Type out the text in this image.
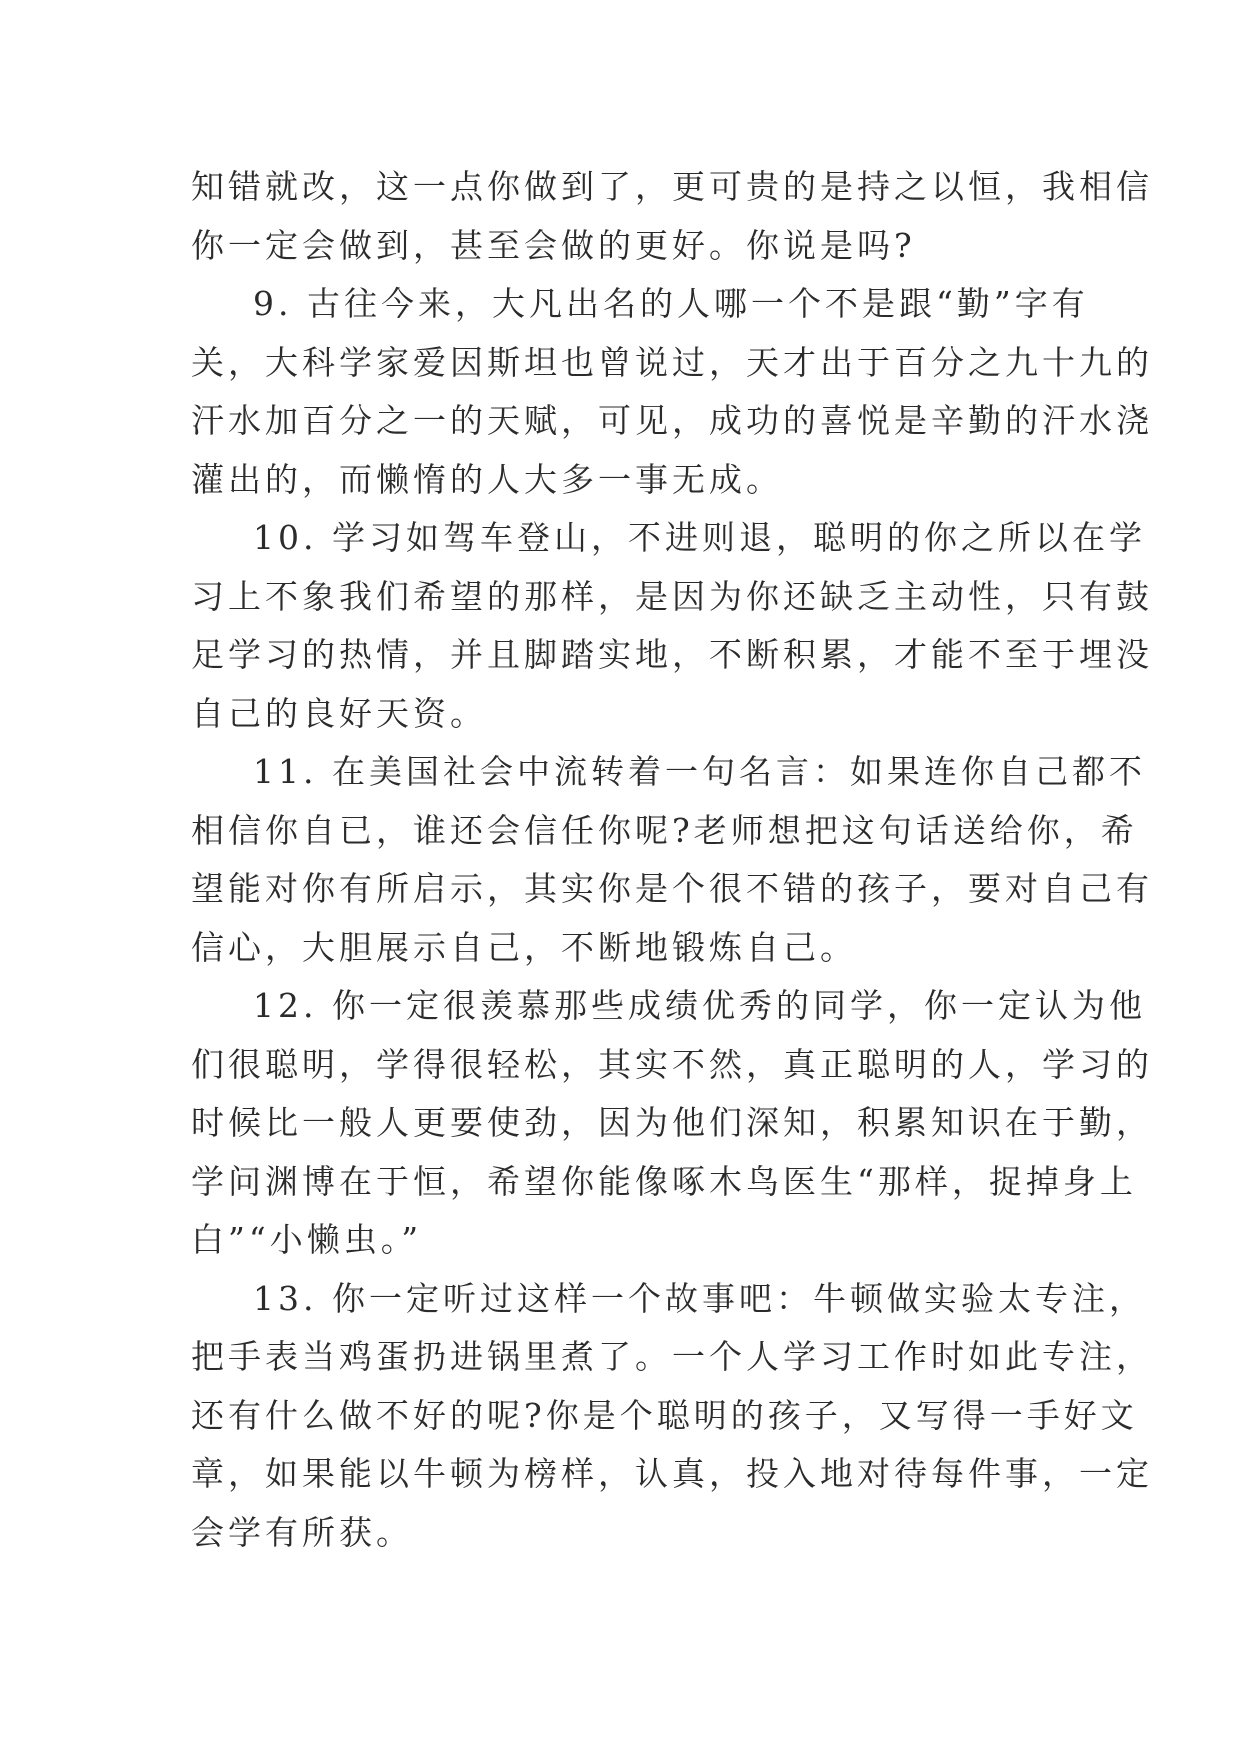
知错就改，这一点你做到了，更可贵的是持之以恒，我相信
你一定会做到，甚至会做的更好。你说是吗?
9. 古往今来，大凡出名的人哪一个不是跟“勤”字有
关，大科学家爱因斯坦也曾说过，天才出于百分之九十九的
汗水加百分之一的天赋，可见，成功的喜悦是辛勤的汗水浇
灌出的，而懒惰的人大多一事无成。
10. 学习如驾车登山，不进则退，聪明的你之所以在学
习上不象我们希望的那样，是因为你还缺乏主动性，只有鼓
足学习的热情，并且脚踏实地，不断积累，才能不至于埋没
自己的良好天资。
11. 在美国社会中流转着一句名言：如果连你自己都不
相信你自已，谁还会信任你呢?老师想把这句话送给你，希
望能对你有所启示，其实你是个很不错的孩子，要对自己有
信心，大胆展示自己，不断地锻炼自己。
12. 你一定很羡慕那些成绩优秀的同学，你一定认为他
们很聪明，学得很轻松，其实不然，真正聪明的人，学习的
时候比一般人更要使劲，因为他们深知，积累知识在于勤，
学问渊博在于恒，希望你能像啄木鸟医生“那样，捉掉身上
白”“小懒虫。”
13. 你一定听过这样一个故事吧：牛顿做实验太专注，
把手表当鸡蛋扔进锅里煮了。一个人学习工作时如此专注，
还有什么做不好的呢?你是个聪明的孩子，又写得一手好文
章，如果能以牛顿为榜样，认真，投入地对待每件事，一定
会学有所获。
